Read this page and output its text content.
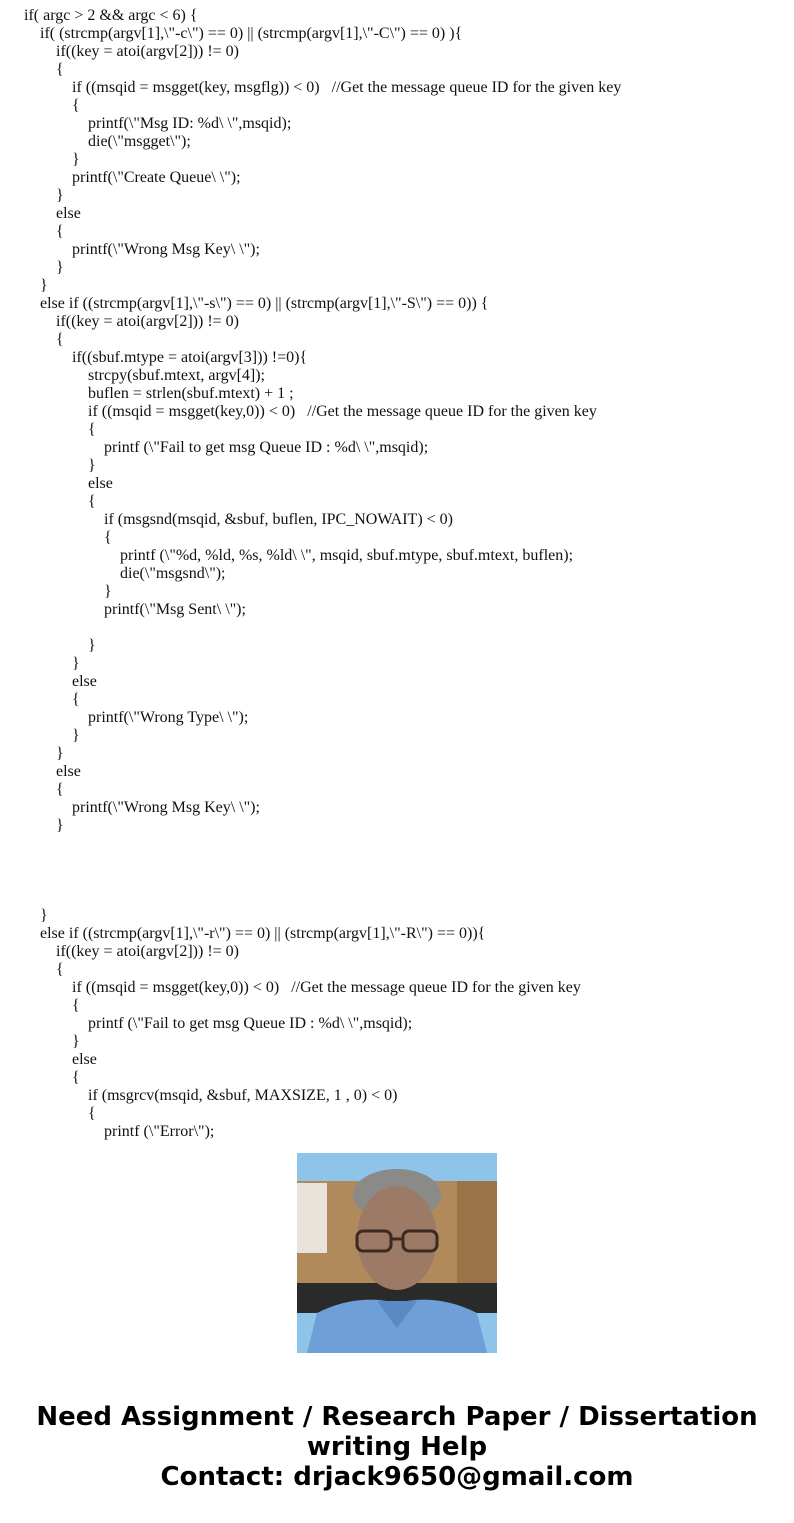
if( argc > 2 && argc < 6) {
if( (strcmp(argv[1],\"-c\") == 0) || (strcmp(argv[1],\"-C\") == 0) ){
if((key = atoi(argv[2])) != 0)
{
if ((msqid = msgget(key, msgflg)) < 0)   //Get the message queue ID for the given key
{
printf(\"Msg ID: %d\ \",msqid);
die(\"msgget\");
}
printf(\"Create Queue\ \");
}
else
{
printf(\"Wrong Msg Key\ \");
}
}
else if ((strcmp(argv[1],\"-s\") == 0) || (strcmp(argv[1],\"-S\") == 0)) {
if((key = atoi(argv[2])) != 0)
{
if((sbuf.mtype = atoi(argv[3])) !=0){
strcpy(sbuf.mtext, argv[4]);
buflen = strlen(sbuf.mtext) + 1 ;
if ((msqid = msgget(key,0)) < 0)   //Get the message queue ID for the given key
{
printf (\"Fail to get msg Queue ID : %d\ \",msqid);
}
else
{
if (msgsnd(msqid, &sbuf, buflen, IPC_NOWAIT) < 0)
{
printf (\"%d, %ld, %s, %ld\ \", msqid, sbuf.mtype, sbuf.mtext, buflen);
die(\"msgsnd\");
}
printf(\"Msg Sent\ \");
}
}
else
{
printf(\"Wrong Type\ \");
}
}
else
{
printf(\"Wrong Msg Key\ \");
}
}
else if ((strcmp(argv[1],\"-r\") == 0) || (strcmp(argv[1],\"-R\") == 0)){
if((key = atoi(argv[2])) != 0)
{
if ((msqid = msgget(key,0)) < 0)   //Get the message queue ID for the given key
{
printf (\"Fail to get msg Queue ID : %d\ \",msqid);
}
else
{
if (msgrcv(msqid, &sbuf, MAXSIZE, 1 , 0) < 0)
{
printf (\"Error\");
Need Assignment / Research Paper / Dissertation
writing Help
Contact: drjack9650@gmail.com
